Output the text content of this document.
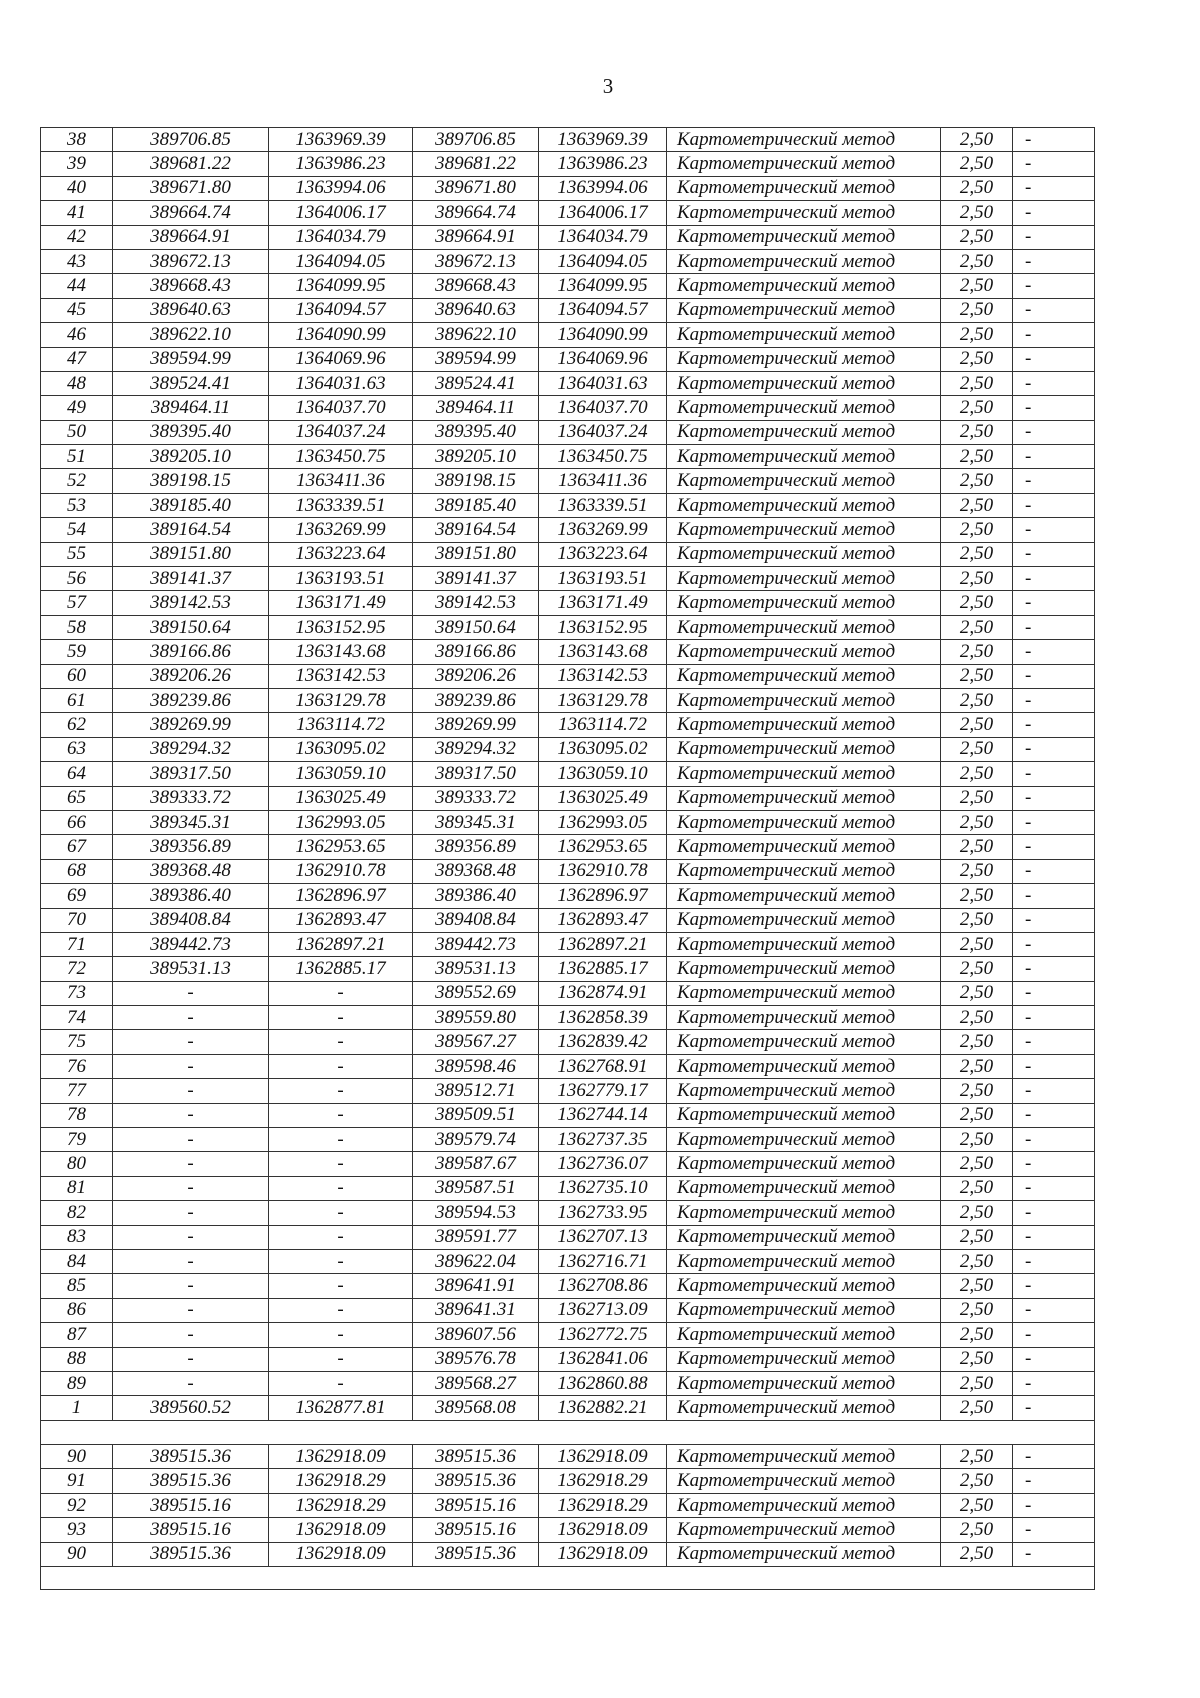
3
38	389706.85	1363969.39	389706.85	1363969.39	Картометрический метод	2,50	-
39	389681.22	1363986.23	389681.22	1363986.23	Картометрический метод	2,50	-
40	389671.80	1363994.06	389671.80	1363994.06	Картометрический метод	2,50	-
41	389664.74	1364006.17	389664.74	1364006.17	Картометрический метод	2,50	-
42	389664.91	1364034.79	389664.91	1364034.79	Картометрический метод	2,50	-
43	389672.13	1364094.05	389672.13	1364094.05	Картометрический метод	2,50	-
44	389668.43	1364099.95	389668.43	1364099.95	Картометрический метод	2,50	-
45	389640.63	1364094.57	389640.63	1364094.57	Картометрический метод	2,50	-
46	389622.10	1364090.99	389622.10	1364090.99	Картометрический метод	2,50	-
47	389594.99	1364069.96	389594.99	1364069.96	Картометрический метод	2,50	-
48	389524.41	1364031.63	389524.41	1364031.63	Картометрический метод	2,50	-
49	389464.11	1364037.70	389464.11	1364037.70	Картометрический метод	2,50	-
50	389395.40	1364037.24	389395.40	1364037.24	Картометрический метод	2,50	-
51	389205.10	1363450.75	389205.10	1363450.75	Картометрический метод	2,50	-
52	389198.15	1363411.36	389198.15	1363411.36	Картометрический метод	2,50	-
53	389185.40	1363339.51	389185.40	1363339.51	Картометрический метод	2,50	-
54	389164.54	1363269.99	389164.54	1363269.99	Картометрический метод	2,50	-
55	389151.80	1363223.64	389151.80	1363223.64	Картометрический метод	2,50	-
56	389141.37	1363193.51	389141.37	1363193.51	Картометрический метод	2,50	-
57	389142.53	1363171.49	389142.53	1363171.49	Картометрический метод	2,50	-
58	389150.64	1363152.95	389150.64	1363152.95	Картометрический метод	2,50	-
59	389166.86	1363143.68	389166.86	1363143.68	Картометрический метод	2,50	-
60	389206.26	1363142.53	389206.26	1363142.53	Картометрический метод	2,50	-
61	389239.86	1363129.78	389239.86	1363129.78	Картометрический метод	2,50	-
62	389269.99	1363114.72	389269.99	1363114.72	Картометрический метод	2,50	-
63	389294.32	1363095.02	389294.32	1363095.02	Картометрический метод	2,50	-
64	389317.50	1363059.10	389317.50	1363059.10	Картометрический метод	2,50	-
65	389333.72	1363025.49	389333.72	1363025.49	Картометрический метод	2,50	-
66	389345.31	1362993.05	389345.31	1362993.05	Картометрический метод	2,50	-
67	389356.89	1362953.65	389356.89	1362953.65	Картометрический метод	2,50	-
68	389368.48	1362910.78	389368.48	1362910.78	Картометрический метод	2,50	-
69	389386.40	1362896.97	389386.40	1362896.97	Картометрический метод	2,50	-
70	389408.84	1362893.47	389408.84	1362893.47	Картометрический метод	2,50	-
71	389442.73	1362897.21	389442.73	1362897.21	Картометрический метод	2,50	-
72	389531.13	1362885.17	389531.13	1362885.17	Картометрический метод	2,50	-
73	-	-	389552.69	1362874.91	Картометрический метод	2,50	-
74	-	-	389559.80	1362858.39	Картометрический метод	2,50	-
75	-	-	389567.27	1362839.42	Картометрический метод	2,50	-
76	-	-	389598.46	1362768.91	Картометрический метод	2,50	-
77	-	-	389512.71	1362779.17	Картометрический метод	2,50	-
78	-	-	389509.51	1362744.14	Картометрический метод	2,50	-
79	-	-	389579.74	1362737.35	Картометрический метод	2,50	-
80	-	-	389587.67	1362736.07	Картометрический метод	2,50	-
81	-	-	389587.51	1362735.10	Картометрический метод	2,50	-
82	-	-	389594.53	1362733.95	Картометрический метод	2,50	-
83	-	-	389591.77	1362707.13	Картометрический метод	2,50	-
84	-	-	389622.04	1362716.71	Картометрический метод	2,50	-
85	-	-	389641.91	1362708.86	Картометрический метод	2,50	-
86	-	-	389641.31	1362713.09	Картометрический метод	2,50	-
87	-	-	389607.56	1362772.75	Картометрический метод	2,50	-
88	-	-	389576.78	1362841.06	Картометрический метод	2,50	-
89	-	-	389568.27	1362860.88	Картометрический метод	2,50	-
1	389560.52	1362877.81	389568.08	1362882.21	Картометрический метод	2,50	-

90	389515.36	1362918.09	389515.36	1362918.09	Картометрический метод	2,50	-
91	389515.36	1362918.29	389515.36	1362918.29	Картометрический метод	2,50	-
92	389515.16	1362918.29	389515.16	1362918.29	Картометрический метод	2,50	-
93	389515.16	1362918.09	389515.16	1362918.09	Картометрический метод	2,50	-
90	389515.36	1362918.09	389515.36	1362918.09	Картометрический метод	2,50	-
